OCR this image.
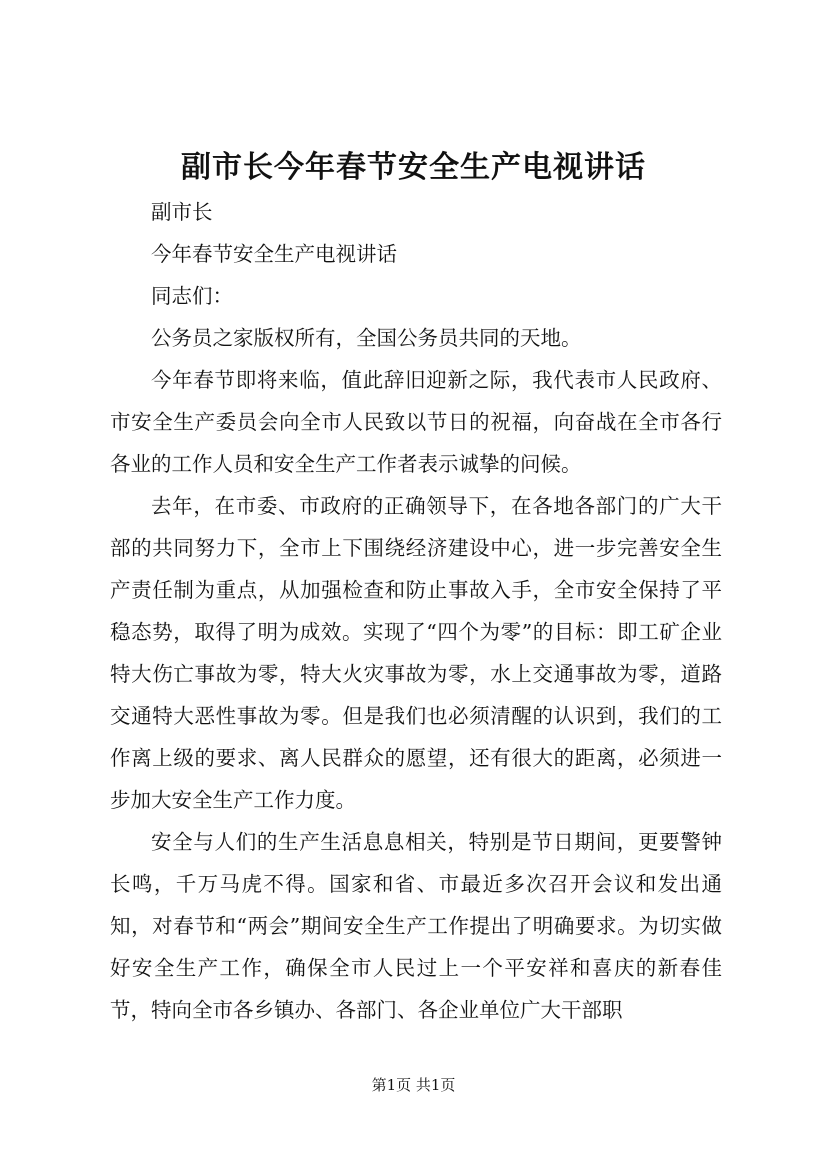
副市长今年春节安全生产电视讲话

副市长

今年春节安全生产电视讲话

同志们：

公务员之家版权所有，全国公务员共同的天地。

今年春节即将来临，值此辞旧迎新之际，我代表市人民政府、市安全生产委员会向全市人民致以节日的祝福，向奋战在全市各行各业的工作人员和安全生产工作者表示诚挚的问候。

去年，在市委、市政府的正确领导下，在各地各部门的广大干部的共同努力下，全市上下围绕经济建设中心，进一步完善安全生产责任制为重点，从加强检查和防止事故入手，全市安全保持了平稳态势，取得了明为成效。实现了“四个为零”的目标：即工矿企业特大伤亡事故为零，特大火灾事故为零，水上交通事故为零，道路交通特大恶性事故为零。但是我们也必须清醒的认识到，我们的工作离上级的要求、离人民群众的愿望，还有很大的距离，必须进一步加大安全生产工作力度。

安全与人们的生产生活息息相关，特别是节日期间，更要警钟长鸣，千万马虎不得。国家和省、市最近多次召开会议和发出通知，对春节和“两会”期间安全生产工作提出了明确要求。为切实做好安全生产工作，确保全市人民过上一个平安祥和喜庆的新春佳节，特向全市各乡镇办、各部门、各企业单位广大干部职

第1页 共1页
